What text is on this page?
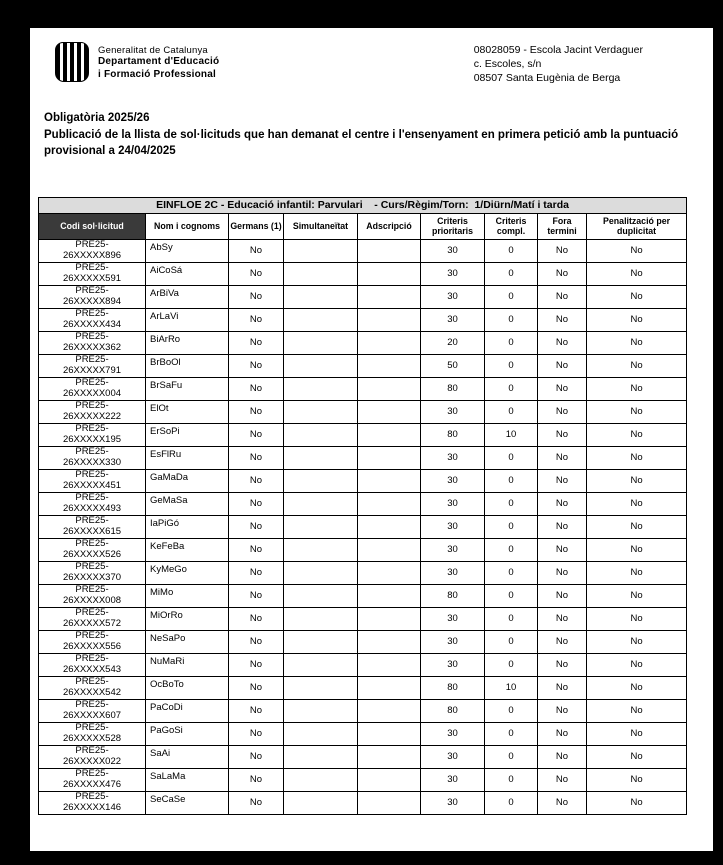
Generalitat de Catalunya
Departament d'Educació
i Formació Professional
08028059 - Escola Jacint Verdaguer
c. Escoles, s/n
08507 Santa Eugènia de Berga
Obligatòria 2025/26
Publicació de la llista de sol·licituds que han demanat el centre i l'ensenyament en primera petició amb la puntuació provisional a 24/04/2025
EINFLOE 2C - Educació infantil: Parvulari    - Curs/Règim/Torn:  1/Diürn/Matí i tarda								
Codi sol·licitud	Nom i cognoms	Germans (1)	Simultaneïtat	Adscripció	Criteris prioritaris	Criteris compl.	Fora termini	Penalització per duplicitat

PRE25-
26XXXXX896	AbSy	No			30	0	No	No

PRE25-
26XXXXX591	AiCoSá	No			30	0	No	No

PRE25-
26XXXXX894	ArBiVa	No			30	0	No	No

PRE25-
26XXXXX434	ArLaVi	No			30	0	No	No

PRE25-
26XXXXX362	BiArRo	No			20	0	No	No

PRE25-
26XXXXX791	BrBoOl	No			50	0	No	No

PRE25-
26XXXXX004	BrSaFu	No			80	0	No	No

PRE25-
26XXXXX222	ElOt	No			30	0	No	No

PRE25-
26XXXXX195	ErSoPi	No			80	10	No	No

PRE25-
26XXXXX330	EsFlRu	No			30	0	No	No

PRE25-
26XXXXX451	GaMaDa	No			30	0	No	No

PRE25-
26XXXXX493	GeMaSa	No			30	0	No	No

PRE25-
26XXXXX615	IaPiGó	No			30	0	No	No

PRE25-
26XXXXX526	KeFeBa	No			30	0	No	No

PRE25-
26XXXXX370	KyMeGo	No			30	0	No	No

PRE25-
26XXXXX008	MiMo	No			80	0	No	No

PRE25-
26XXXXX572	MiOrRo	No			30	0	No	No

PRE25-
26XXXXX556	NeSaPo	No			30	0	No	No

PRE25-
26XXXXX543	NuMaRi	No			30	0	No	No

PRE25-
26XXXXX542	OcBoTo	No			80	10	No	No

PRE25-
26XXXXX607	PaCoDi	No			80	0	No	No

PRE25-
26XXXXX528	PaGoSi	No			30	0	No	No

PRE25-
26XXXXX022	SaAi	No			30	0	No	No

PRE25-
26XXXXX476	SaLaMa	No			30	0	No	No

PRE25-
26XXXXX146	SeCaSe	No			30	0	No	No
